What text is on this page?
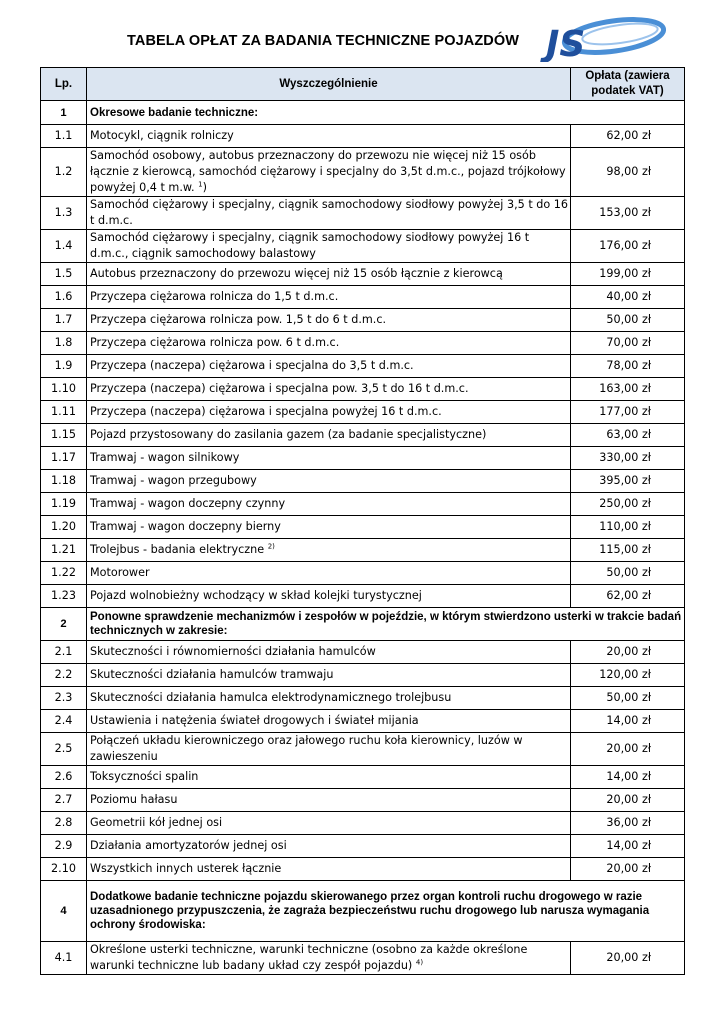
TABELA OPŁAT ZA BADANIA TECHNICZNE POJAZDÓW JS
Lp.	Wyszczególnienie	Opłata (zawiera podatek VAT)
1	Okresowe badanie techniczne:	
1.1	Motocykl, ciągnik rolniczy	62,00 zł
1.2	Samochód osobowy, autobus przeznaczony do przewozu nie więcej niż 15 osób łącznie z kierowcą, samochód ciężarowy i specjalny do 3,5t d.m.c., pojazd trójkołowy powyżej 0,4 t m.w. $^1$)	98,00 zł
1.3	Samochód ciężarowy i specjalny, ciągnik samochodowy siodłowy powyżej 3,5 t do 16 t d.m.c.	153,00 zł
1.4	Samochód ciężarowy i specjalny, ciągnik samochodowy siodłowy powyżej 16 t d.m.c., ciągnik samochodowy balastowy	176,00 zł
1.5	Autobus przeznaczony do przewozu więcej niż 15 osób łącznie z kierowcą	199,00 zł
1.6	Przyczepa ciężarowa rolnicza do 1,5 t d.m.c.	40,00 zł
1.7	Przyczepa ciężarowa rolnicza pow. 1,5 t do 6 t d.m.c.	50,00 zł
1.8	Przyczepa ciężarowa rolnicza pow. 6 t d.m.c.	70,00 zł
1.9	Przyczepa (naczepa) ciężarowa i specjalna do 3,5 t d.m.c.	78,00 zł
1.10	Przyczepa (naczepa) ciężarowa i specjalna pow. 3,5 t do 16 t d.m.c.	163,00 zł
1.11	Przyczepa (naczepa) ciężarowa i specjalna powyżej 16 t d.m.c.	177,00 zł
1.15	Pojazd przystosowany do zasilania gazem (za badanie specjalistyczne)	63,00 zł
1.17	Tramwaj - wagon silnikowy	330,00 zł
1.18	Tramwaj - wagon przegubowy	395,00 zł
1.19	Tramwaj - wagon doczepny czynny	250,00 zł
1.20	Tramwaj - wagon doczepny bierny	110,00 zł
1.21	Trolejbus - badania elektryczne $^{2)}$	115,00 zł
1.22	Motorower	50,00 zł
1.23	Pojazd wolnobieżny wchodzący w skład kolejki turystycznej	62,00 zł
2	Ponowne sprawdzenie mechanizmów i zespołów w pojeździe, w którym stwierdzono usterki w trakcie badań technicznych w zakresie:	
2.1	Skuteczności i równomierności działania hamulców	20,00 zł
2.2	Skuteczności działania hamulców tramwaju	120,00 zł
2.3	Skuteczności działania hamulca elektrodynamicznego trolejbusu	50,00 zł
2.4	Ustawienia i natężenia świateł drogowych i świateł mijania	14,00 zł
2.5	Połączeń układu kierowniczego oraz jałowego ruchu koła kierownicy, luzów w zawieszeniu	20,00 zł
2.6	Toksyczności spalin	14,00 zł
2.7	Poziomu hałasu	20,00 zł
2.8	Geometrii kół jednej osi	36,00 zł
2.9	Działania amortyzatorów jednej osi	14,00 zł
2.10	Wszystkich innych usterek łącznie	20,00 zł
4	Dodatkowe badanie techniczne pojazdu skierowanego przez organ kontroli ruchu drogowego w razie uzasadnionego przypuszczenia, że zagraża bezpieczeństwu ruchu drogowego lub narusza wymagania ochrony środowiska:	
4.1	Określone usterki techniczne, warunki techniczne (osobno za każde określone warunki techniczne lub badany układ czy zespół pojazdu) $^{4)}$	20,00 zł
